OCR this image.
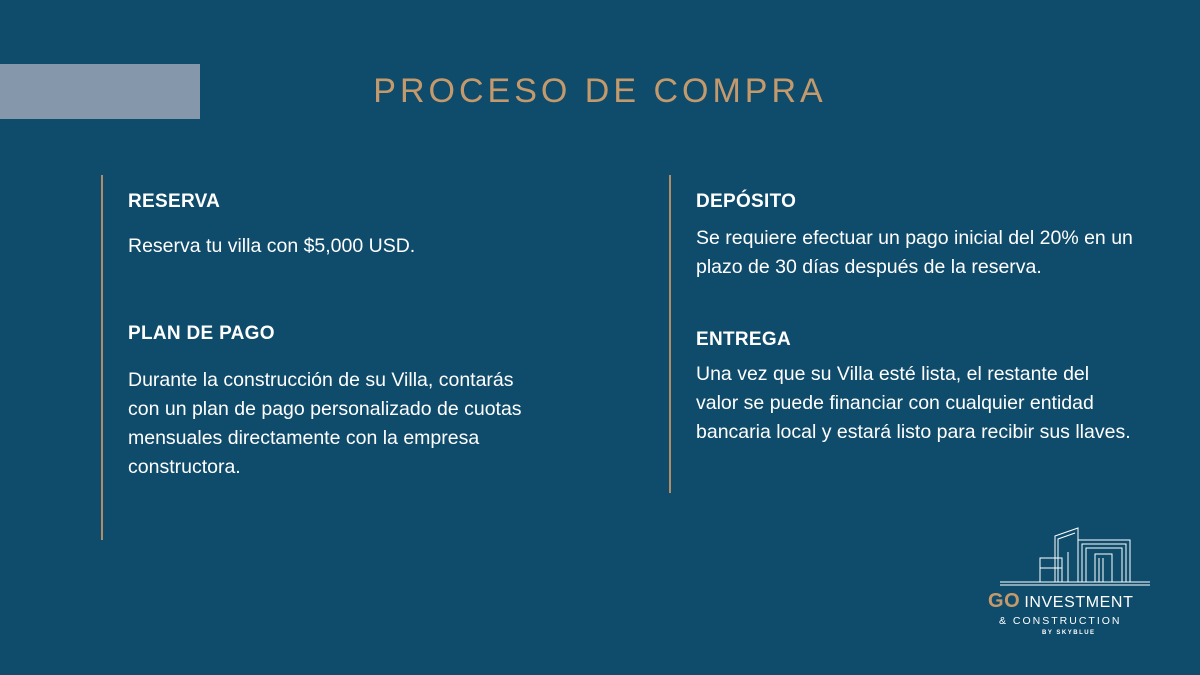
PROCESO DE COMPRA
RESERVA

Reserva tu villa con $5,000 USD.

PLAN DE PAGO

Durante la construcción de su Villa, contarás con un plan de pago personalizado de cuotas mensuales directamente con la empresa constructora.

DEPÓSITO

Se requiere efectuar un pago inicial del 20% en un plazo de 30 días después de la reserva.

ENTREGA

Una vez que su Villa esté lista, el restante del valor se puede financiar con cualquier entidad bancaria local y estará listo para recibir sus llaves.

GO INVESTMENT
& CONSTRUCTION
BY SKYBLUE
